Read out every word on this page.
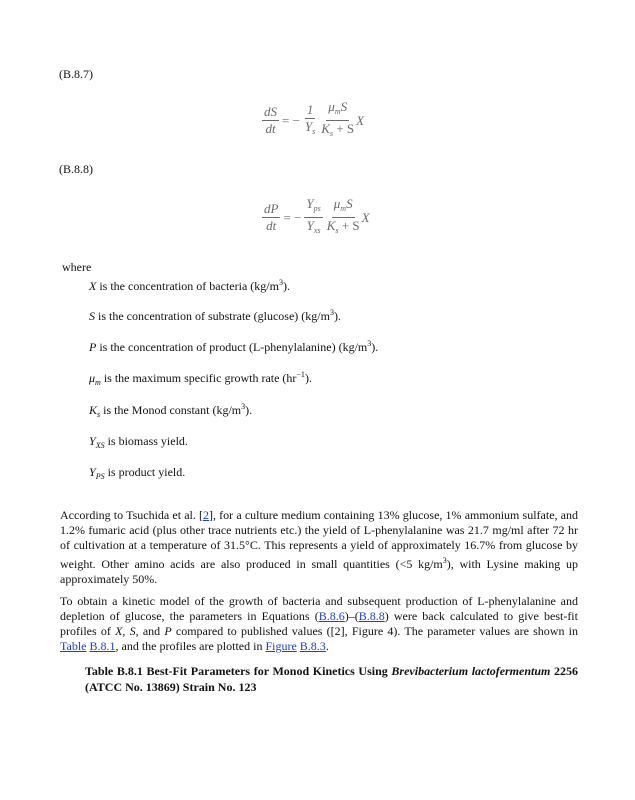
(B.8.7)
$\frac{dS}{dt}$ = − $\frac{1}{Y_s} \frac{\mu_mS}{K_s + S}$ X
(B.8.8)
$\frac{dP}{dt}$ = − $\frac{Y_{ps}}{Y_{xs}} \frac{\mu_mS}{K_s + S}$ X
where
X is the concentration of bacteria $(kg/m^3)$.
S is the concentration of substrate (glucose) $(kg/m^3)$.
P is the concentration of product (L-phenylalanine) $(kg/m^3)$.
$\mu_m$ is the maximum specific growth rate $(hr^{-1})$.
$K_s$ is the Monod constant $(kg/m^3)$.
$Y_{XS}$ is biomass yield.
$Y_{PS}$ is product yield.
According to Tsuchida et al. [2], for a culture medium containing 13% glucose, 1% ammonium sulfate, and 1.2% fumaric acid (plus other trace nutrients etc.) the yield of L-phenylalanine was 21.7 mg/ml after 72 hr of cultivation at a temperature of 31.5°C. This represents a yield of approximately 16.7% from glucose by weight. Other amino acids are also produced in small quantities (<5 $kg/m^3$), with Lysine making up approximately 50%.
To obtain a kinetic model of the growth of bacteria and subsequent production of L-phenylalanine and depletion of glucose, the parameters in Equations (B.8.6)–(B.8.8) were back calculated to give best-fit profiles of X, S, and P compared to published values ([2], Figure 4). The parameter values are shown in Table B.8.1, and the profiles are plotted in Figure B.8.3.
Table B.8.1 Best-Fit Parameters for Monod Kinetics Using Brevibacterium lactofermentum 2256 (ATCC No. 13869) Strain No. 123
